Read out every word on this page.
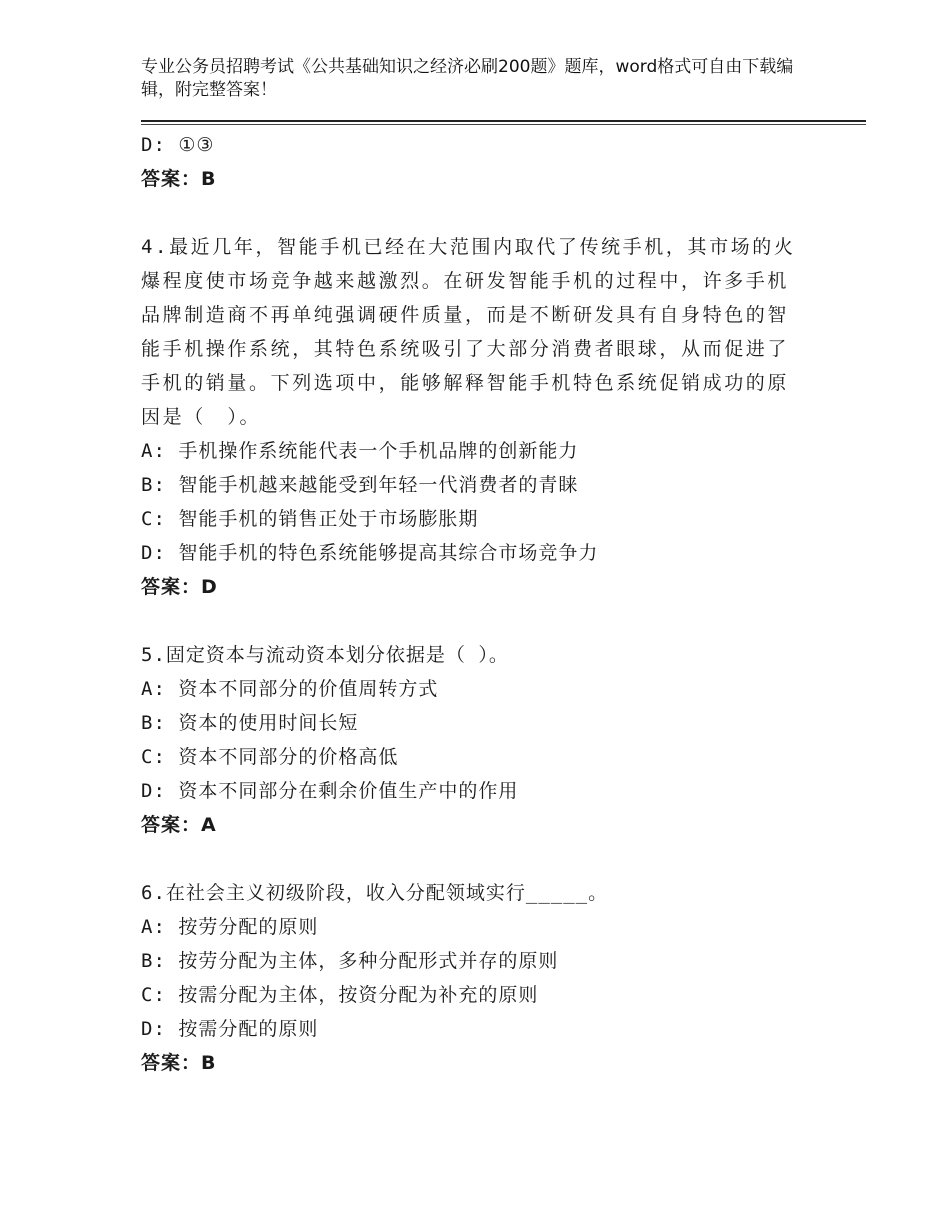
专业公务员招聘考试《公共基础知识之经济必刷200题》题库，word格式可自由下载编辑，附完整答案！
D: ①③
答案：B
4.最近几年，智能手机已经在大范围内取代了传统手机，其市场的火爆程度使市场竞争越来越激烈。在研发智能手机的过程中，许多手机品牌制造商不再单纯强调硬件质量，而是不断研发具有自身特色的智能手机操作系统，其特色系统吸引了大部分消费者眼球，从而促进了手机的销量。下列选项中，能够解释智能手机特色系统促销成功的原因是（　）。
A: 手机操作系统能代表一个手机品牌的创新能力
B: 智能手机越来越能受到年轻一代消费者的青睐
C: 智能手机的销售正处于市场膨胀期
D: 智能手机的特色系统能够提高其综合市场竞争力
答案：D
5.固定资本与流动资本划分依据是（ ）。
A: 资本不同部分的价值周转方式
B: 资本的使用时间长短
C: 资本不同部分的价格高低
D: 资本不同部分在剩余价值生产中的作用
答案：A
6.在社会主义初级阶段，收入分配领域实行_____。
A: 按劳分配的原则
B: 按劳分配为主体，多种分配形式并存的原则
C: 按需分配为主体，按资分配为补充的原则
D: 按需分配的原则
答案：B
